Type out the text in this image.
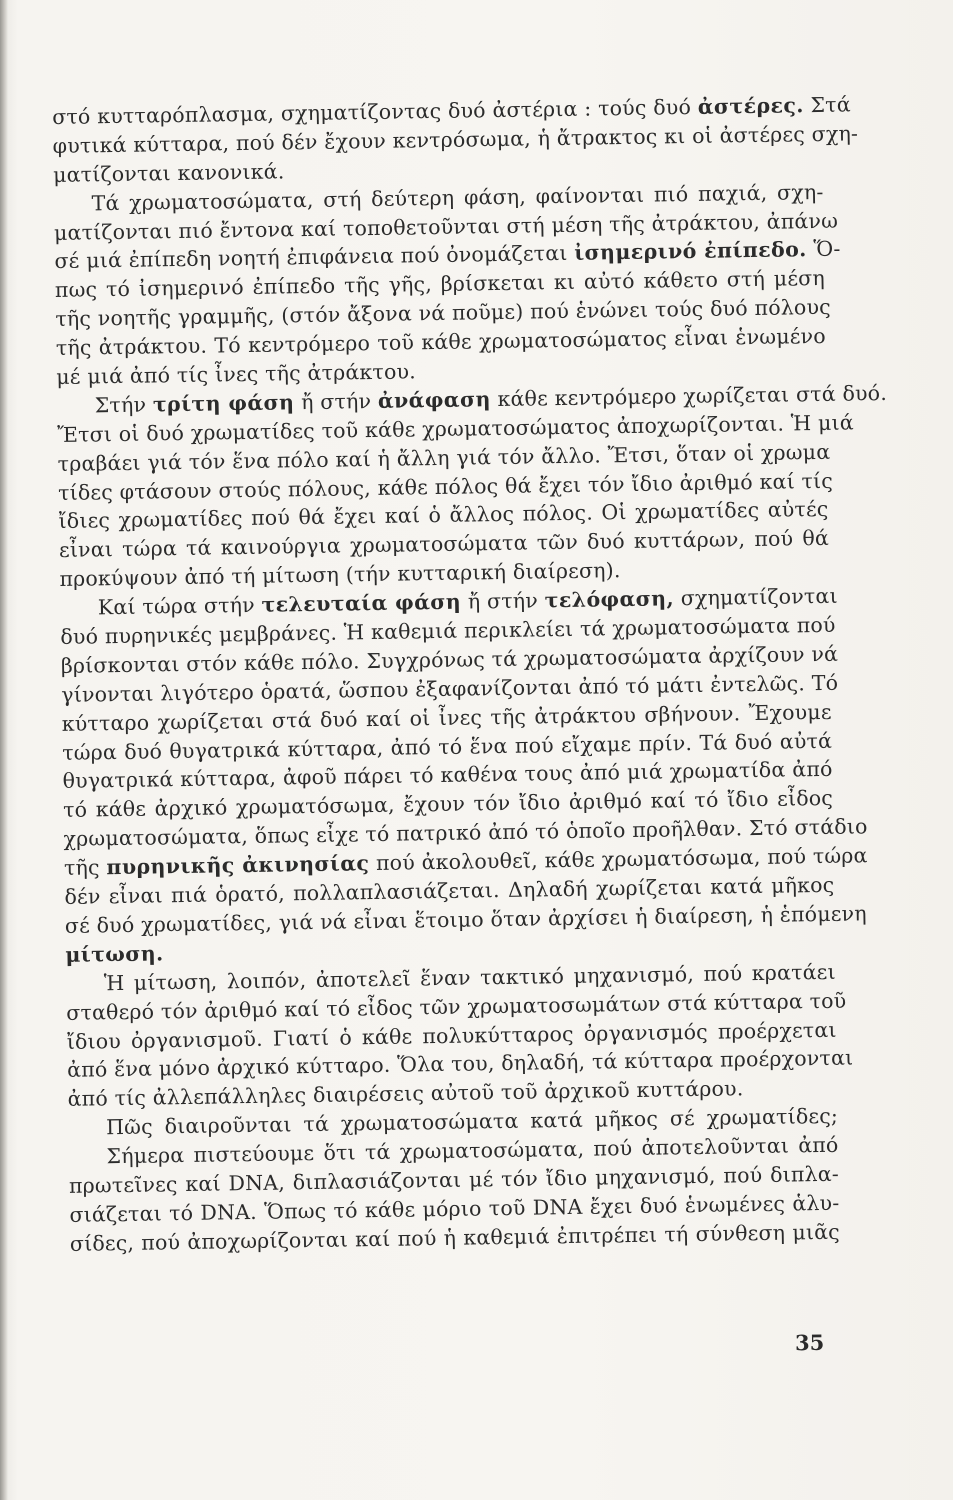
στό κυτταρόπλασμα, σχηματίζοντας δυό ἀστέρια : τούς δυό ἀστέρες. Στά
φυτικά κύτταρα, πού δέν ἔχουν κεντρόσωμα, ἡ ἄτρακτος κι οἱ ἀστέρες σχη-
ματίζονται κανονικά.
Τά χρωματοσώματα, στή δεύτερη φάση, φαίνονται πιό παχιά, σχη-
ματίζονται πιό ἔντονα καί τοποθετοῦνται στή μέση τῆς ἀτράκτου, ἀπάνω
σέ μιά ἐπίπεδη νοητή ἐπιφάνεια πού ὀνομάζεται ἰσημερινό ἐπίπεδο. Ὅ-
πως τό ἰσημερινό ἐπίπεδο τῆς γῆς, βρίσκεται κι αὐτό κάθετο στή μέση
τῆς νοητῆς γραμμῆς, (στόν ἄξονα νά ποῦμε) πού ἑνώνει τούς δυό πόλους
τῆς ἀτράκτου. Τό κεντρόμερο τοῦ κάθε χρωματοσώματος εἶναι ἑνωμένο
μέ μιά ἀπό τίς ἶνες τῆς ἀτράκτου.
Στήν τρίτη φάση ἤ στήν ἀνάφαση κάθε κεντρόμερο χωρίζεται στά δυό.
Ἔτσι οἱ δυό χρωματίδες τοῦ κάθε χρωματοσώματος ἀποχωρίζονται. Ἡ μιά
τραβάει γιά τόν ἕνα πόλο καί ἡ ἄλλη γιά τόν ἄλλο. Ἔτσι, ὅταν οἱ χρωμα
τίδες φτάσουν στούς πόλους, κάθε πόλος θά ἔχει τόν ἴδιο ἀριθμό καί τίς
ἴδιες χρωματίδες πού θά ἔχει καί ὁ ἄλλος πόλος. Οἱ χρωματίδες αὐτές
εἶναι τώρα τά καινούργια χρωματοσώματα τῶν δυό κυττάρων, πού θά
προκύψουν ἀπό τή μίτωση (τήν κυτταρική διαίρεση).
Καί τώρα στήν τελευταία φάση ἤ στήν τελόφαση, σχηματίζονται
δυό πυρηνικές μεμβράνες. Ἡ καθεμιά περικλείει τά χρωματοσώματα πού
βρίσκονται στόν κάθε πόλο. Συγχρόνως τά χρωματοσώματα ἀρχίζουν νά
γίνονται λιγότερο ὁρατά, ὥσπου ἐξαφανίζονται ἀπό τό μάτι ἐντελῶς. Τό
κύτταρο χωρίζεται στά δυό καί οἱ ἶνες τῆς ἀτράκτου σβήνουν. Ἔχουμε
τώρα δυό θυγατρικά κύτταρα, ἀπό τό ἕνα πού εἴχαμε πρίν. Τά δυό αὐτά
θυγατρικά κύτταρα, ἀφοῦ πάρει τό καθένα τους ἀπό μιά χρωματίδα ἀπό
τό κάθε ἀρχικό χρωματόσωμα, ἔχουν τόν ἴδιο ἀριθμό καί τό ἴδιο εἶδος
χρωματοσώματα, ὅπως εἶχε τό πατρικό ἀπό τό ὁποῖο προῆλθαν. Στό στάδιο
τῆς πυρηνικῆς ἀκινησίας πού ἀκολουθεῖ, κάθε χρωματόσωμα, πού τώρα
δέν εἶναι πιά ὁρατό, πολλαπλασιάζεται. Δηλαδή χωρίζεται κατά μῆκος
σέ δυό χρωματίδες, γιά νά εἶναι ἕτοιμο ὅταν ἀρχίσει ἡ διαίρεση, ἡ ἑπόμενη
μίτωση.
Ἡ μίτωση, λοιπόν, ἀποτελεῖ ἕναν τακτικό μηχανισμό, πού κρατάει
σταθερό τόν ἀριθμό καί τό εἶδος τῶν χρωματοσωμάτων στά κύτταρα τοῦ
ἴδιου ὀργανισμοῦ. Γιατί ὁ κάθε πολυκύτταρος ὀργανισμός προέρχεται
ἀπό ἕνα μόνο ἀρχικό κύτταρο. Ὅλα του, δηλαδή, τά κύτταρα προέρχονται
ἀπό τίς ἀλλεπάλληλες διαιρέσεις αὐτοῦ τοῦ ἀρχικοῦ κυττάρου.
Πῶς διαιροῦνται τά χρωματοσώματα κατά μῆκος σέ χρωματίδες;
Σήμερα πιστεύουμε ὅτι τά χρωματοσώματα, πού ἀποτελοῦνται ἀπό
πρωτεῖνες καί DNA, διπλασιάζονται μέ τόν ἴδιο μηχανισμό, πού διπλα-
σιάζεται τό DNA. Ὅπως τό κάθε μόριο τοῦ DNA ἔχει δυό ἑνωμένες ἁλυ-
σίδες, πού ἀποχωρίζονται καί πού ἡ καθεμιά ἐπιτρέπει τή σύνθεση μιᾶς
35
